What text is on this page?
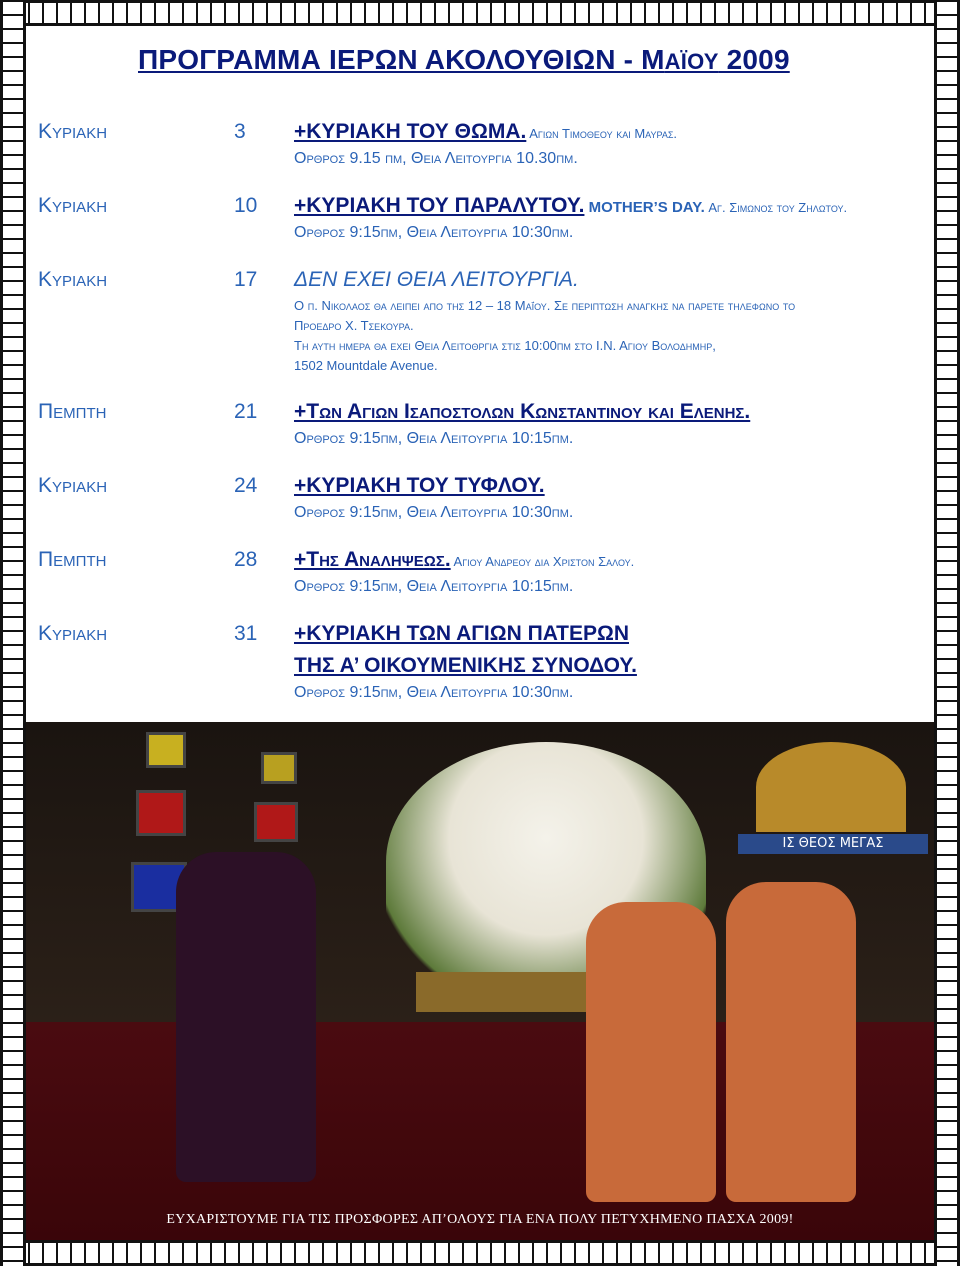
ΠΡΟΓΡΑΜΜΑ ΙΕΡΩΝ ΑΚΟΛΟΥΘΙΩΝ - ΜΑΪΟΥ 2009
Κυριακη	3 +ΚΥΡΙΑΚΗ ΤΟΥ ΘΩΜΑ. Αγιων Τιμοθεου και Μαυρας.
Ορθρος 9.15 πμ, Θεια Λειτουργια 10.30πμ.
Κυριακη	10 +ΚΥΡΙΑΚΗ ΤΟΥ ΠΑΡΑΛΥΤΟΥ. MOTHER’S DAY. Αγ. Σιμωνος του Ζηλωτου.
Ορθρος 9:15πμ, Θεια Λειτουργια 10:30πμ.
Κυριακη	17 ΔΕΝ ΕΧΕΙ ΘΕΙΑ ΛΕΙΤΟΥΡΓΙΑ.
Ο π. Νικολαος θα λειπει απο της 12 – 18 Μαΐου. Σε περιπτωση αναγκης να παρετε τηλεφωνο το
Προεδρο Χ. Τσεκουρα.
Τη αυτη ημερα θα εχει Θεια Λειτοθργια στις 10:00πμ στο Ι.Ν. Αγιου Βολοδημηρ,
1502 Mountdale Avenue.
Πεμπτη	21 +Των Αγιων Ισαποστολων Κωνσταντινου και Ελενης.
Ορθρος 9:15πμ, Θεια Λειτουργια 10:15πμ.
Κυριακη	24 +ΚΥΡΙΑΚΗ ΤΟΥ ΤΥΦΛΟΥ.
Ορθρος 9:15πμ, Θεια Λειτουργια 10:30πμ.
Πεμπτη	28 +Της Αναληψεως. Αγιου Ανδρεου δια Χριστον Σαλου.
Ορθρος 9:15πμ, Θεια Λειτουργια 10:15πμ.
Κυριακη	31 +ΚΥΡΙΑΚΗ ΤΩΝ ΑΓΙΩΝ ΠΑΤΕΡΩΝ
ΤΗΣ Α’ ΟΙΚΟΥΜΕΝΙΚΗΣ ΣΥΝΟΔΟΥ.
Ορθρος 9:15πμ, Θεια Λειτουργια 10:30πμ.
ΙΣ ΘΕΟΣ ΜΕΓΑΣ
ΕΥΧΑΡΙΣΤΟΥΜΕ ΓΙΑ ΤΙΣ ΠΡΟΣΦΟΡΕΣ ΑΠ’ΟΛΟΥΣ ΓΙΑ ΕΝΑ ΠΟΛΥ ΠΕΤΥΧΗΜΕΝΟ ΠΑΣΧΑ 2009!
